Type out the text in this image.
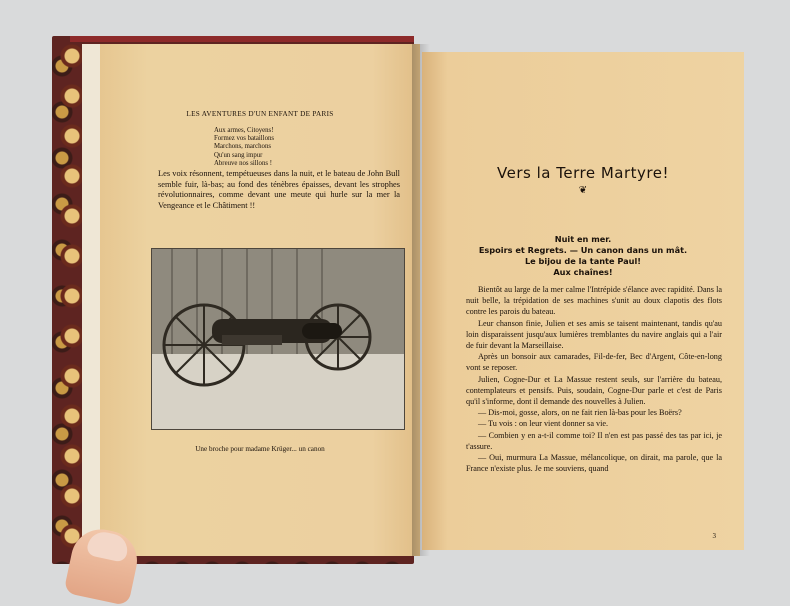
LES AVENTURES D'UN ENFANT DE PARIS
Aux armes, Citoyens!
Formez vos bataillons
Marchons, marchons
Qu'un sang impur
Abreuve nos sillons !
Les voix résonnent, tempétueuses dans la nuit, et le bateau de John Bull semble fuir, là-bas; au fond des ténèbres épaisses, devant les strophes révolutionnaires, comme devant une meute qui hurle sur la mer la Vengeance et le Châtiment !!
Une broche pour madame Krüger... un canon
Vers la Terre Martyre!
❦
Nuit en mer.
Espoirs et Regrets. — Un canon dans un mât.
Le bijou de la tante Paul!
Aux chaînes!

Bientôt au large de la mer calme l'Intrépide s'élance avec rapidité. Dans la nuit belle, la trépidation de ses machines s'unit au doux clapotis des flots contre les parois du bateau.

Leur chanson finie, Julien et ses amis se taisent maintenant, tandis qu'au loin disparaissent jusqu'aux lumières tremblantes du navire anglais qui a l'air de fuir devant la Marseillaise.

Après un bonsoir aux camarades, Fil-de-fer, Bec d'Argent, Côte-en-long vont se reposer.

Julien, Cogne-Dur et La Massue restent seuls, sur l'arrière du bateau, contemplateurs et pensifs. Puis, soudain, Cogne-Dur parle et c'est de Paris qu'il s'informe, dont il demande des nouvelles à Julien.

— Dis-moi, gosse, alors, on ne fait rien là-bas pour les Boërs?

— Tu vois : on leur vient donner sa vie.

— Combien y en a-t-il comme toi? Il n'en est pas passé des tas par ici, je t'assure.

— Oui, murmura La Massue, mélancolique, on dirait, ma parole, que la France n'existe plus. Je me souviens, quand

3
